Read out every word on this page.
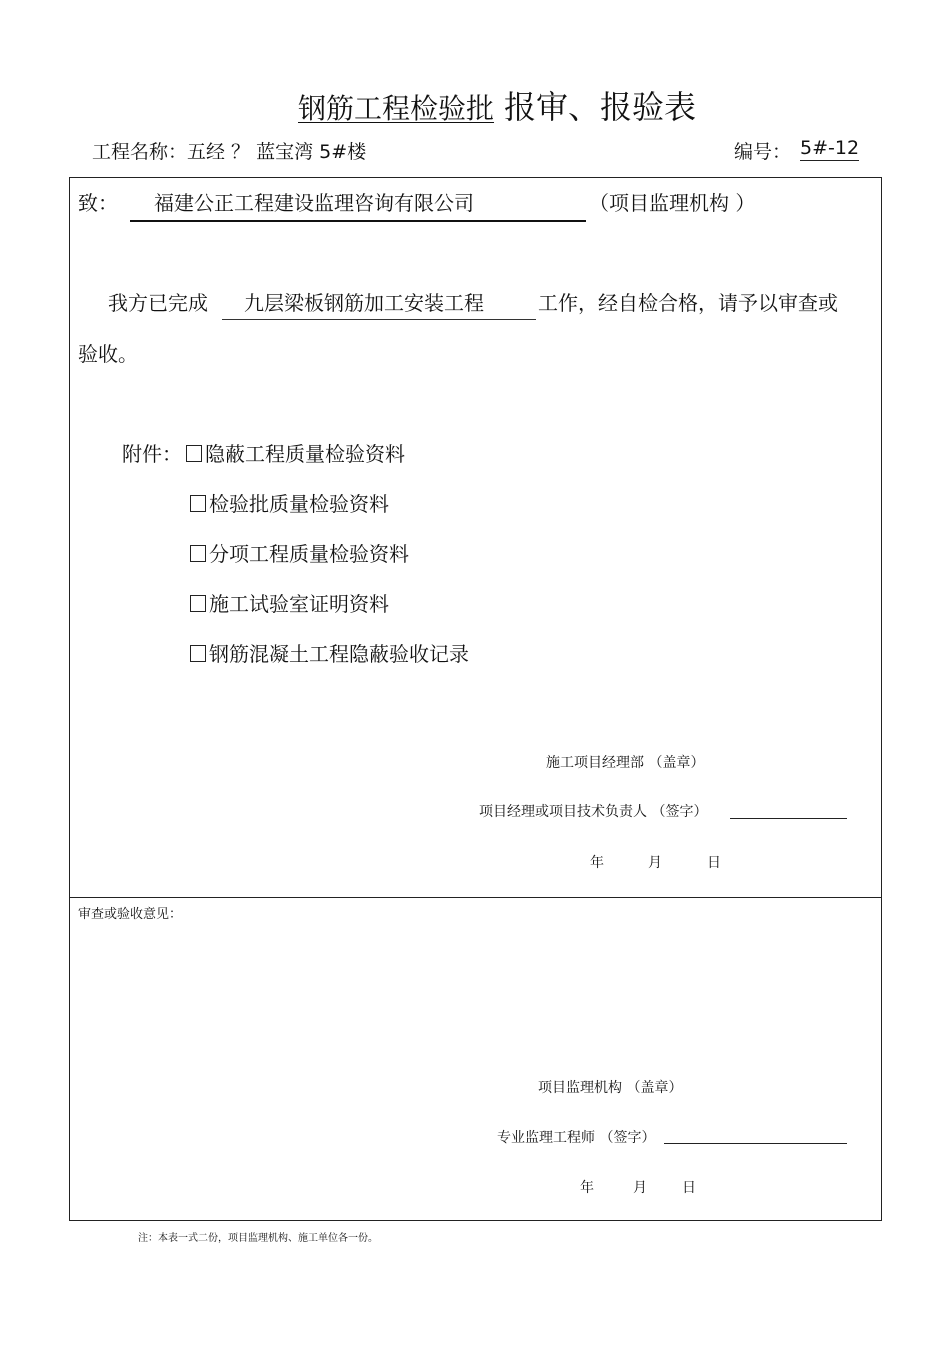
钢筋工程检验批 报审、报验表
工程名称：五经 ？ 蓝宝湾 5#楼	编号： 5#-12
致：	福建公正工程建设监理咨询有限公司	（项目监理机构 ）
我方已完成	九层梁板钢筋加工安装工程	工作，经自检合格，请予以审查或
验收。
附件：	隐蔽工程质量检验资料
检验批质量检验资料
分项工程质量检验资料
施工试验室证明资料
钢筋混凝土工程隐蔽验收记录
施工项目经理部 （盖章）
项目经理或项目技术负责人 （签字）
年	月	日
审查或验收意见：
项目监理机构 （盖章）
专业监理工程师 （签字）
年	月	日
注：本表一式二份，项目监理机构、施工单位各一份。
